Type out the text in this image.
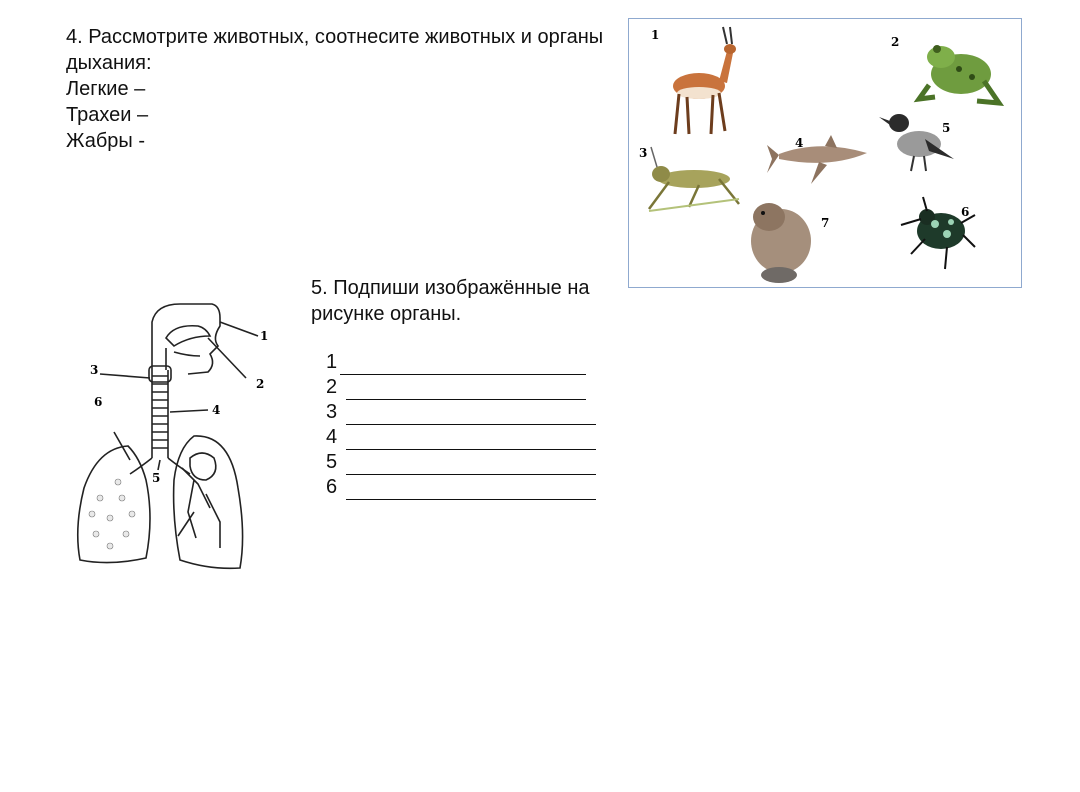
4. Рассмотрите животных, соотнесите животных и органы дыхания:
Легкие –
Трахеи –
Жабры -
1	2
3
4
5
6
7
5. Подпиши изображённые на рисунке органы.
1
2
3
4
5
6
1
2
3
4
5
6
